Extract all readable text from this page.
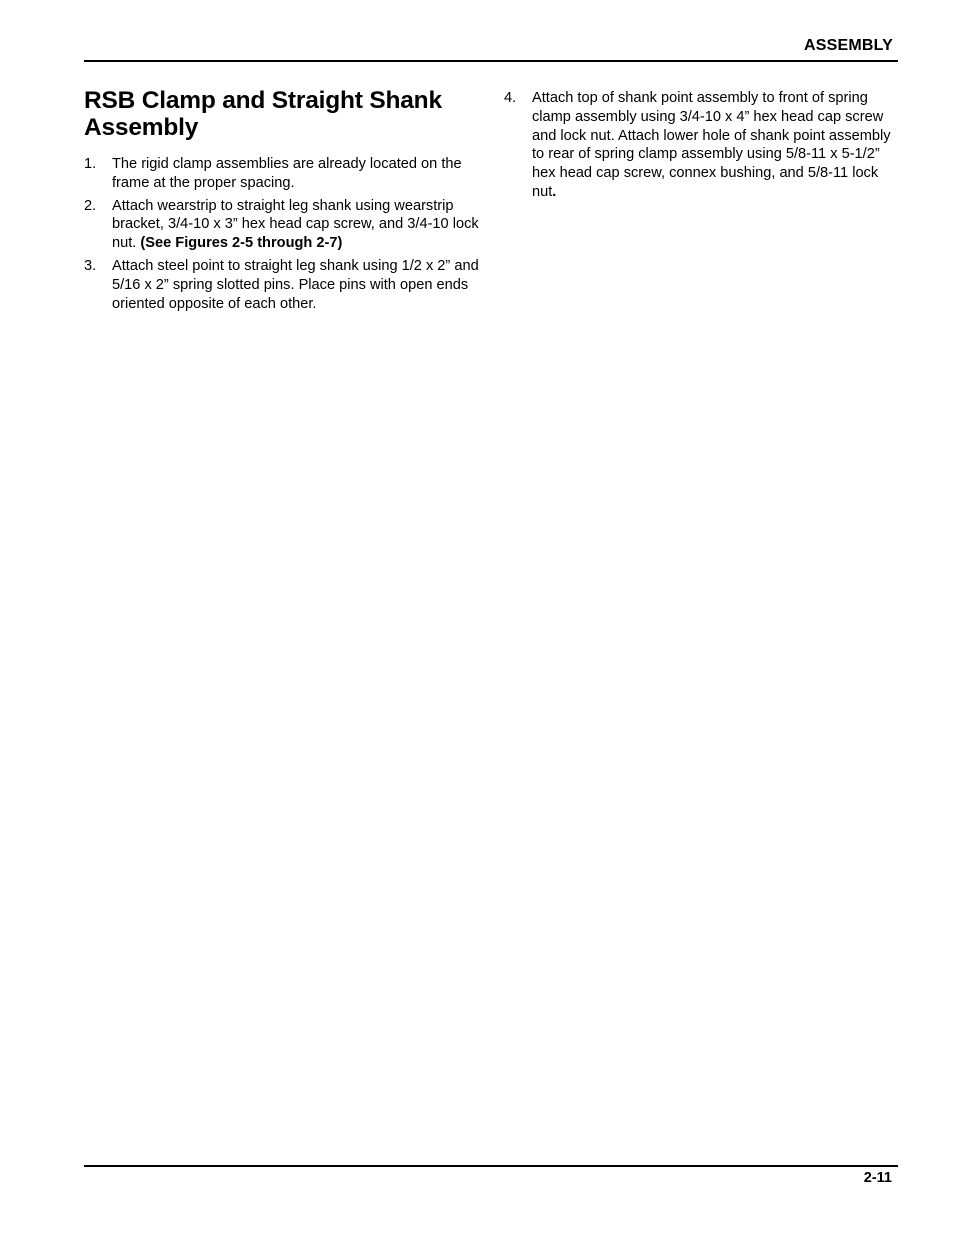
ASSEMBLY
RSB Clamp and Straight Shank Assembly
1. The rigid clamp assemblies are already located on the frame at the proper spacing.
2. Attach wearstrip to straight leg shank using wearstrip bracket, 3/4-10 x 3” hex head cap screw, and 3/4-10 lock nut. (See Figures 2-5 through 2-7)
3. Attach steel point to straight leg shank using 1/2 x 2” and 5/16 x 2” spring slotted pins. Place pins with open ends oriented opposite of each other.
4. Attach top of shank point assembly to front of spring clamp assembly using 3/4-10 x 4” hex head cap screw and lock nut. Attach lower hole of shank point assembly to rear of spring clamp assembly using 5/8-11 x 5-1/2” hex head cap screw, connex bushing, and 5/8-11 lock nut.
2-11
